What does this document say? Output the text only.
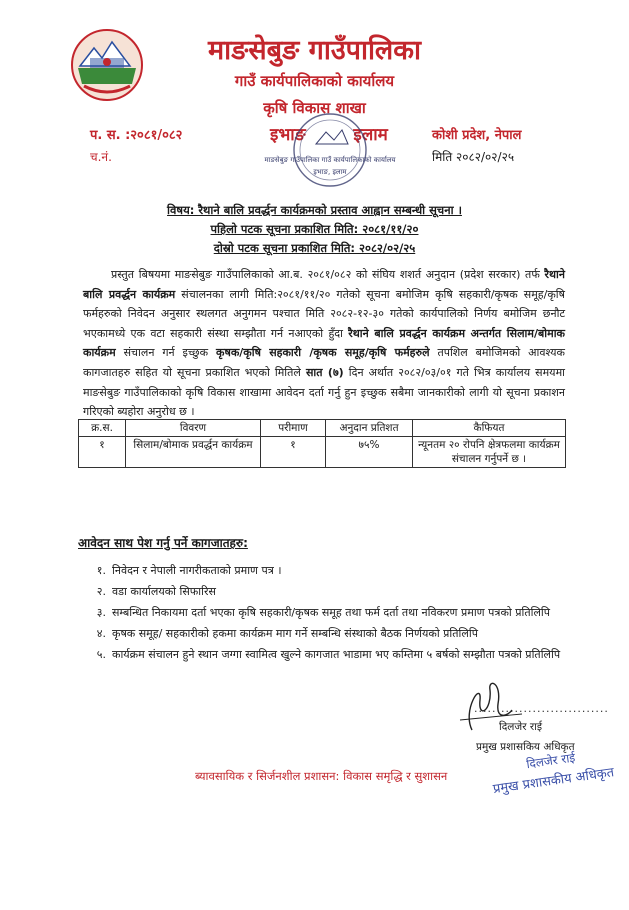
माङसेबुङ गाउँपालिका
गाउँ कार्यपालिकाको कार्यालय
कृषि विकास शाखा
प. स. :२०८१/०८२
च.नं.
कोशी प्रदेश, नेपाल
मिति २०८२/०२/२५
इभाङ	इलाम
माङसेबुङ गाउँपालिका गाउँ कार्यपालिकाको कार्यालय
इभाङ, इलाम
विषय: रैथाने बालि प्रवर्द्धन कार्यक्रमको प्रस्ताव आह्वान सम्बन्धी सूचना ।
पहिलो पटक सूचना प्रकाशित मिति: २०८१/११/२०
दोस्रो पटक सूचना प्रकाशित मिति: २०८२/०२/२५
प्रस्तुत बिषयमा माङसेबुङ गाउँपालिकाको आ.ब. २०८१/०८२ को संघिय शशर्त अनुदान (प्रदेश सरकार) तर्फ रैथाने बालि प्रवर्द्धन कार्यक्रम संचालनका लागी मिति:२०८१/११/२० गतेको सूचना बमोजिम कृषि सहकारी/कृषक समूह/कृषि फर्महरुको निवेदन अनुसार स्थलगत अनुगमन पश्चात मिति २०८२-१२-३० गतेको कार्यपालिको निर्णय बमोजिम छनौट भएकामध्ये एक वटा सहकारी संस्था सम्झौता गर्न नआएको हुँदा रैथाने बालि प्रवर्द्धन कार्यक्रम अन्तर्गत सिलाम/बोमाक कार्यक्रम संचालन गर्न इच्छुक कृषक/कृषि सहकारी /कृषक समूह/कृषि फर्महरुले तपशिल बमोजिमको आवश्यक कागजातहरु सहित यो सूचना प्रकाशित भएको मितिले सात (७) दिन अर्थात २०८२/०३/०१ गते भित्र कार्यालय समयमा माङसेबुङ गाउँपालिकाको कृषि विकास शाखामा आवेदन दर्ता गर्नु हुन इच्छुक सबैमा जानकारीको लागी यो सूचना प्रकाशन गरिएको ब्यहोरा अनुरोध छ ।
क्र.स.	विवरण	परीमाण	अनुदान प्रतिशत	कैफियत
१	सिलाम/बोमाक प्रवर्द्धन कार्यक्रम	१	७५%	न्यूनतम २० रोपनि क्षेत्रफलमा कार्यक्रम संचालन गर्नुपर्ने छ ।
आवेदन साथ पेश गर्नु पर्ने कागजातहरु:
१. निवेदन र नेपाली नागरीकताको प्रमाण पत्र ।
२. वडा कार्यालयको सिफारिस
३. सम्बन्धित निकायमा दर्ता भएका कृषि सहकारी/कृषक समूह तथा फर्म दर्ता तथा नविकरण प्रमाण पत्रको प्रतिलिपि
४. कृषक समूह/ सहकारीको हकमा कार्यक्रम माग गर्ने सम्बन्धि संस्थाको बैठक निर्णयको प्रतिलिपि
५. कार्यक्रम संचालन हुने स्थान जग्गा स्वामित्व खुल्ने कागजात भाडामा भए कम्तिमा ५ बर्षको सम्झौता पत्रको प्रतिलिपि
..............................
दिलजेर राई
प्रमुख प्रशासकिय अधिकृत
दिलजेर राई
प्रमुख प्रशासकीय अधिकृत
ब्यावसायिक र सिर्जनशील प्रशासन: विकास समृद्धि र सुशासन
